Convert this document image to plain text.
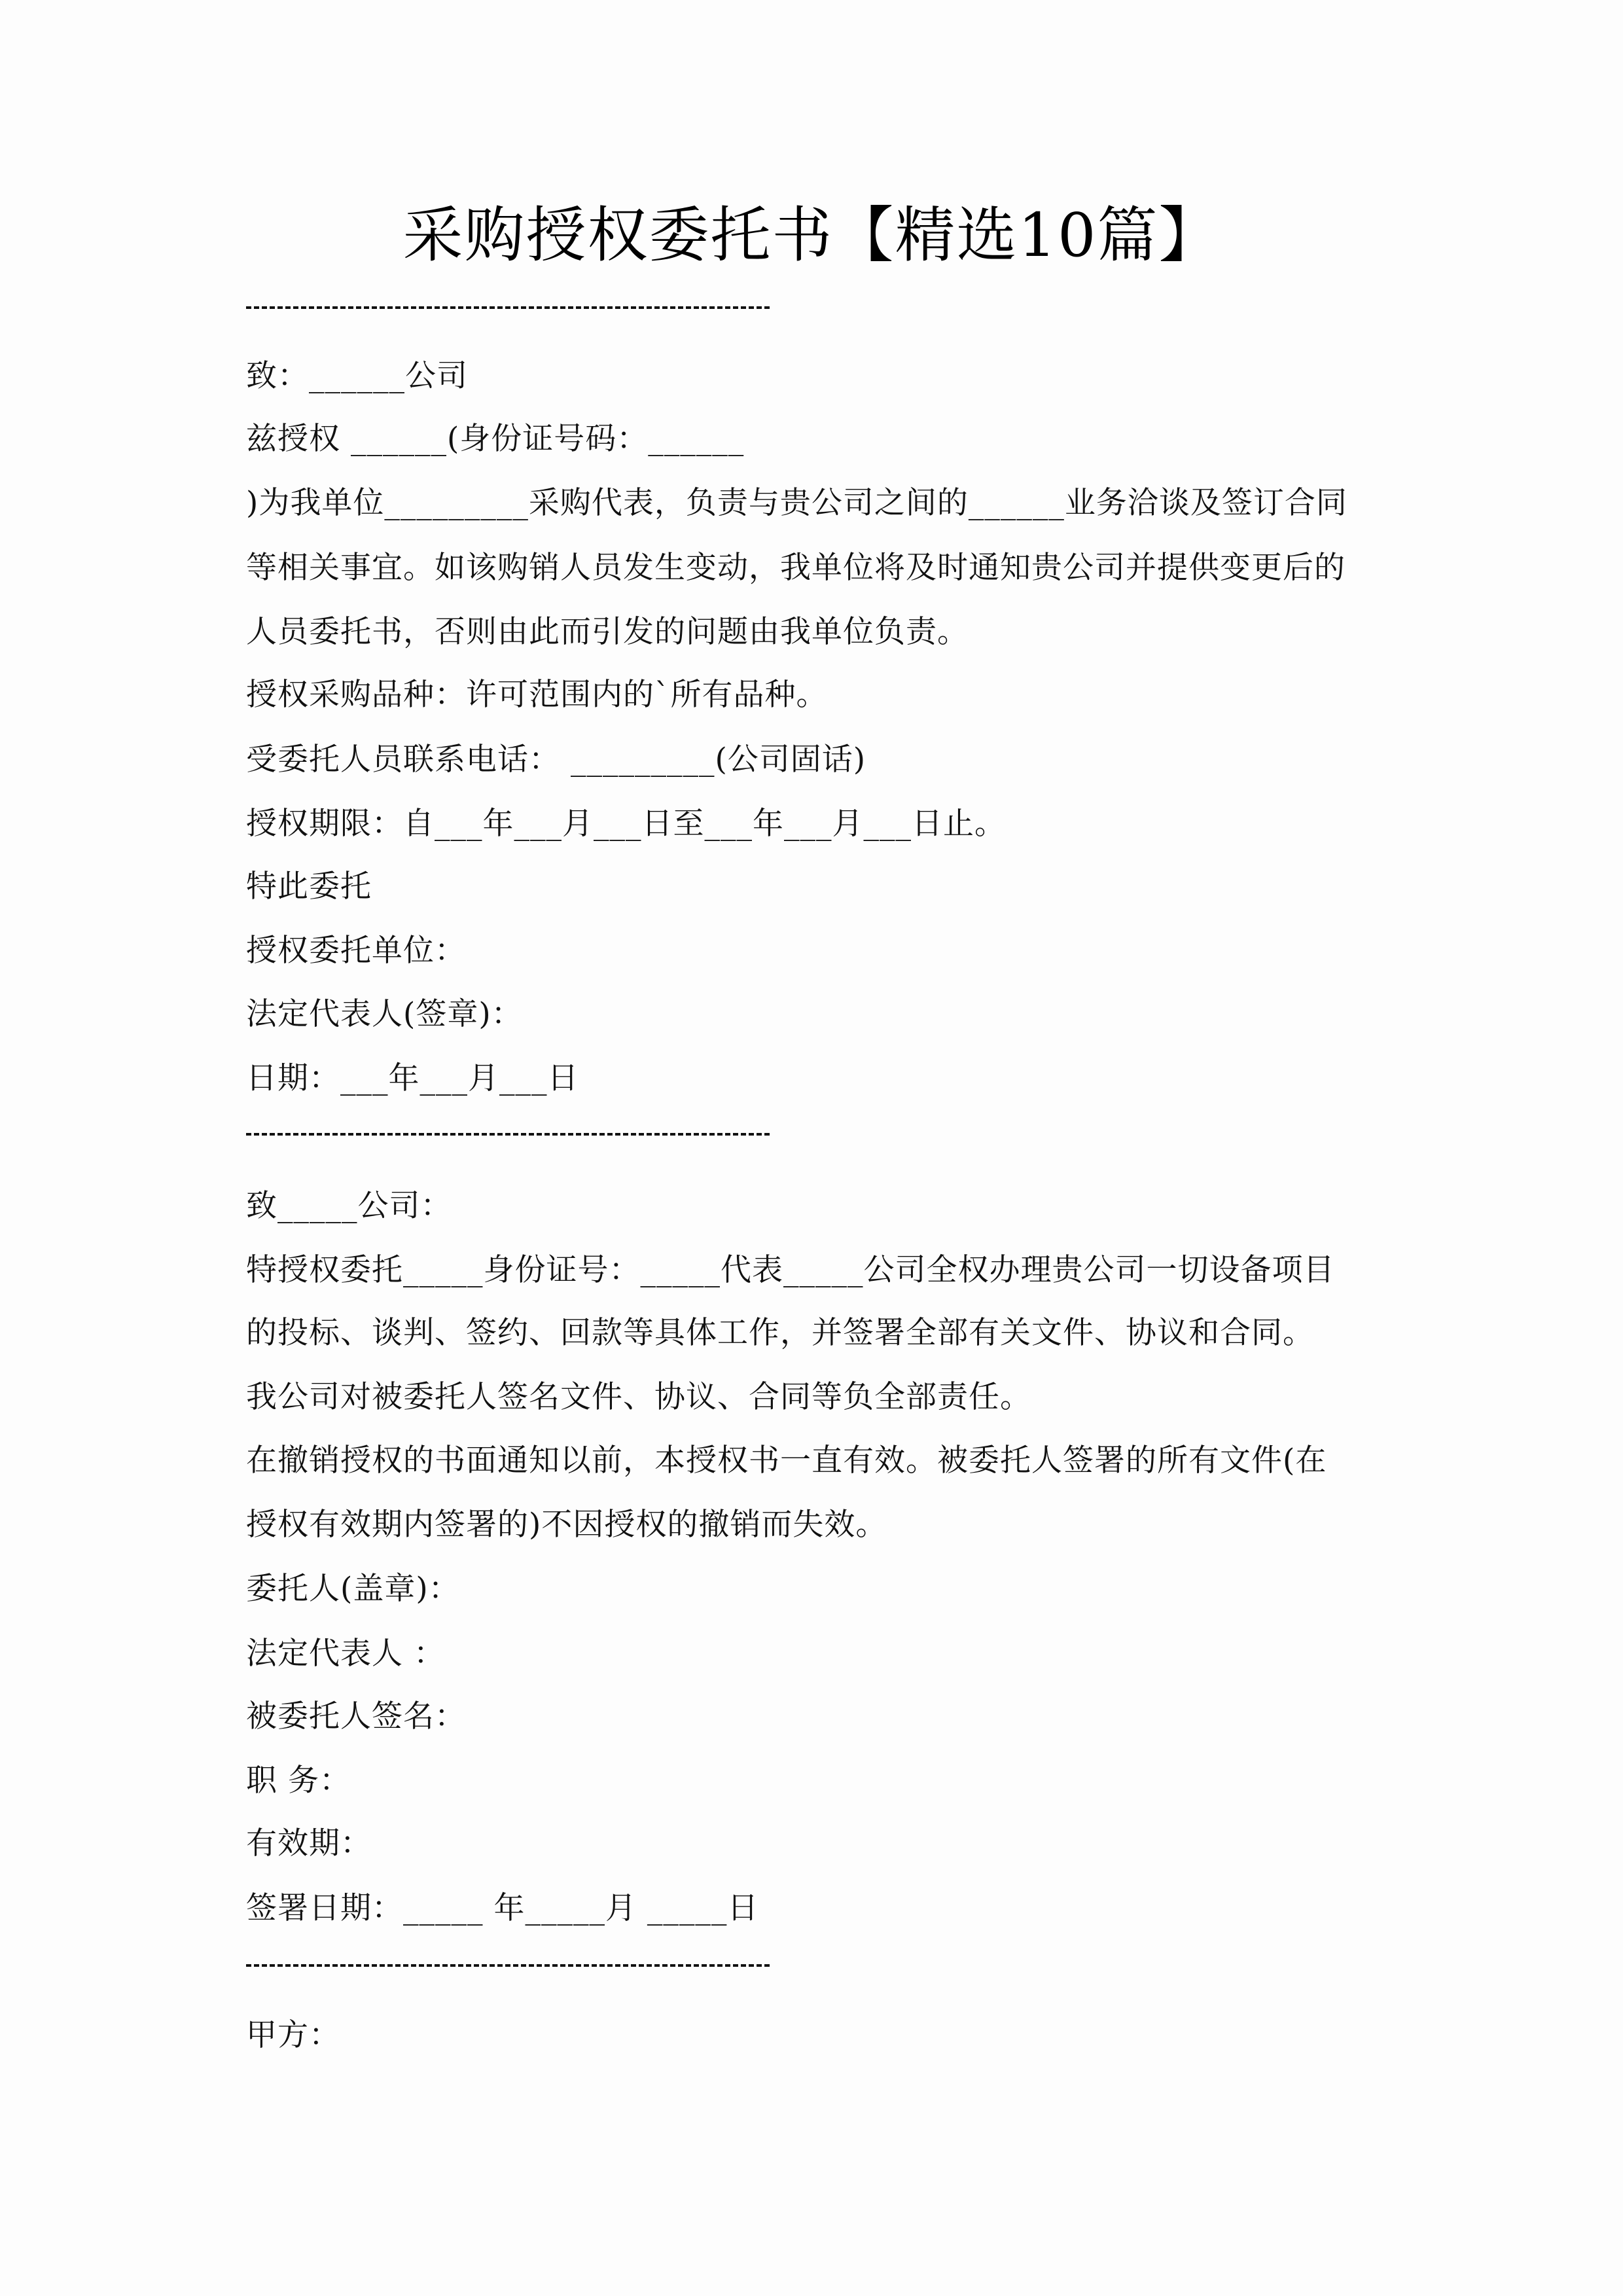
采购授权委托书【精选10篇】
致：______公司
兹授权 ______(身份证号码：______
)为我单位_________采购代表，负责与贵公司之间的______业务洽谈及签订合同
等相关事宜。如该购销人员发生变动，我单位将及时通知贵公司并提供变更后的
人员委托书，否则由此而引发的问题由我单位负责。
授权采购品种：许可范围内的`所有品种。
受委托人员联系电话： _________(公司固话)
授权期限：自___年___月___日至___年___月___日止。
特此委托
授权委托单位：
法定代表人(签章)：
日期：___年___月___日
致_____公司：
特授权委托_____身份证号：_____代表_____公司全权办理贵公司一切设备项目
的投标、谈判、签约、回款等具体工作，并签署全部有关文件、协议和合同。
我公司对被委托人签名文件、协议、合同等负全部责任。
在撤销授权的书面通知以前，本授权书一直有效。被委托人签署的所有文件(在
授权有效期内签署的)不因授权的撤销而失效。
委托人(盖章)：
法定代表人 ：
被委托人签名：
职 务：
有效期：
签署日期：_____ 年_____月 _____日
甲方：
